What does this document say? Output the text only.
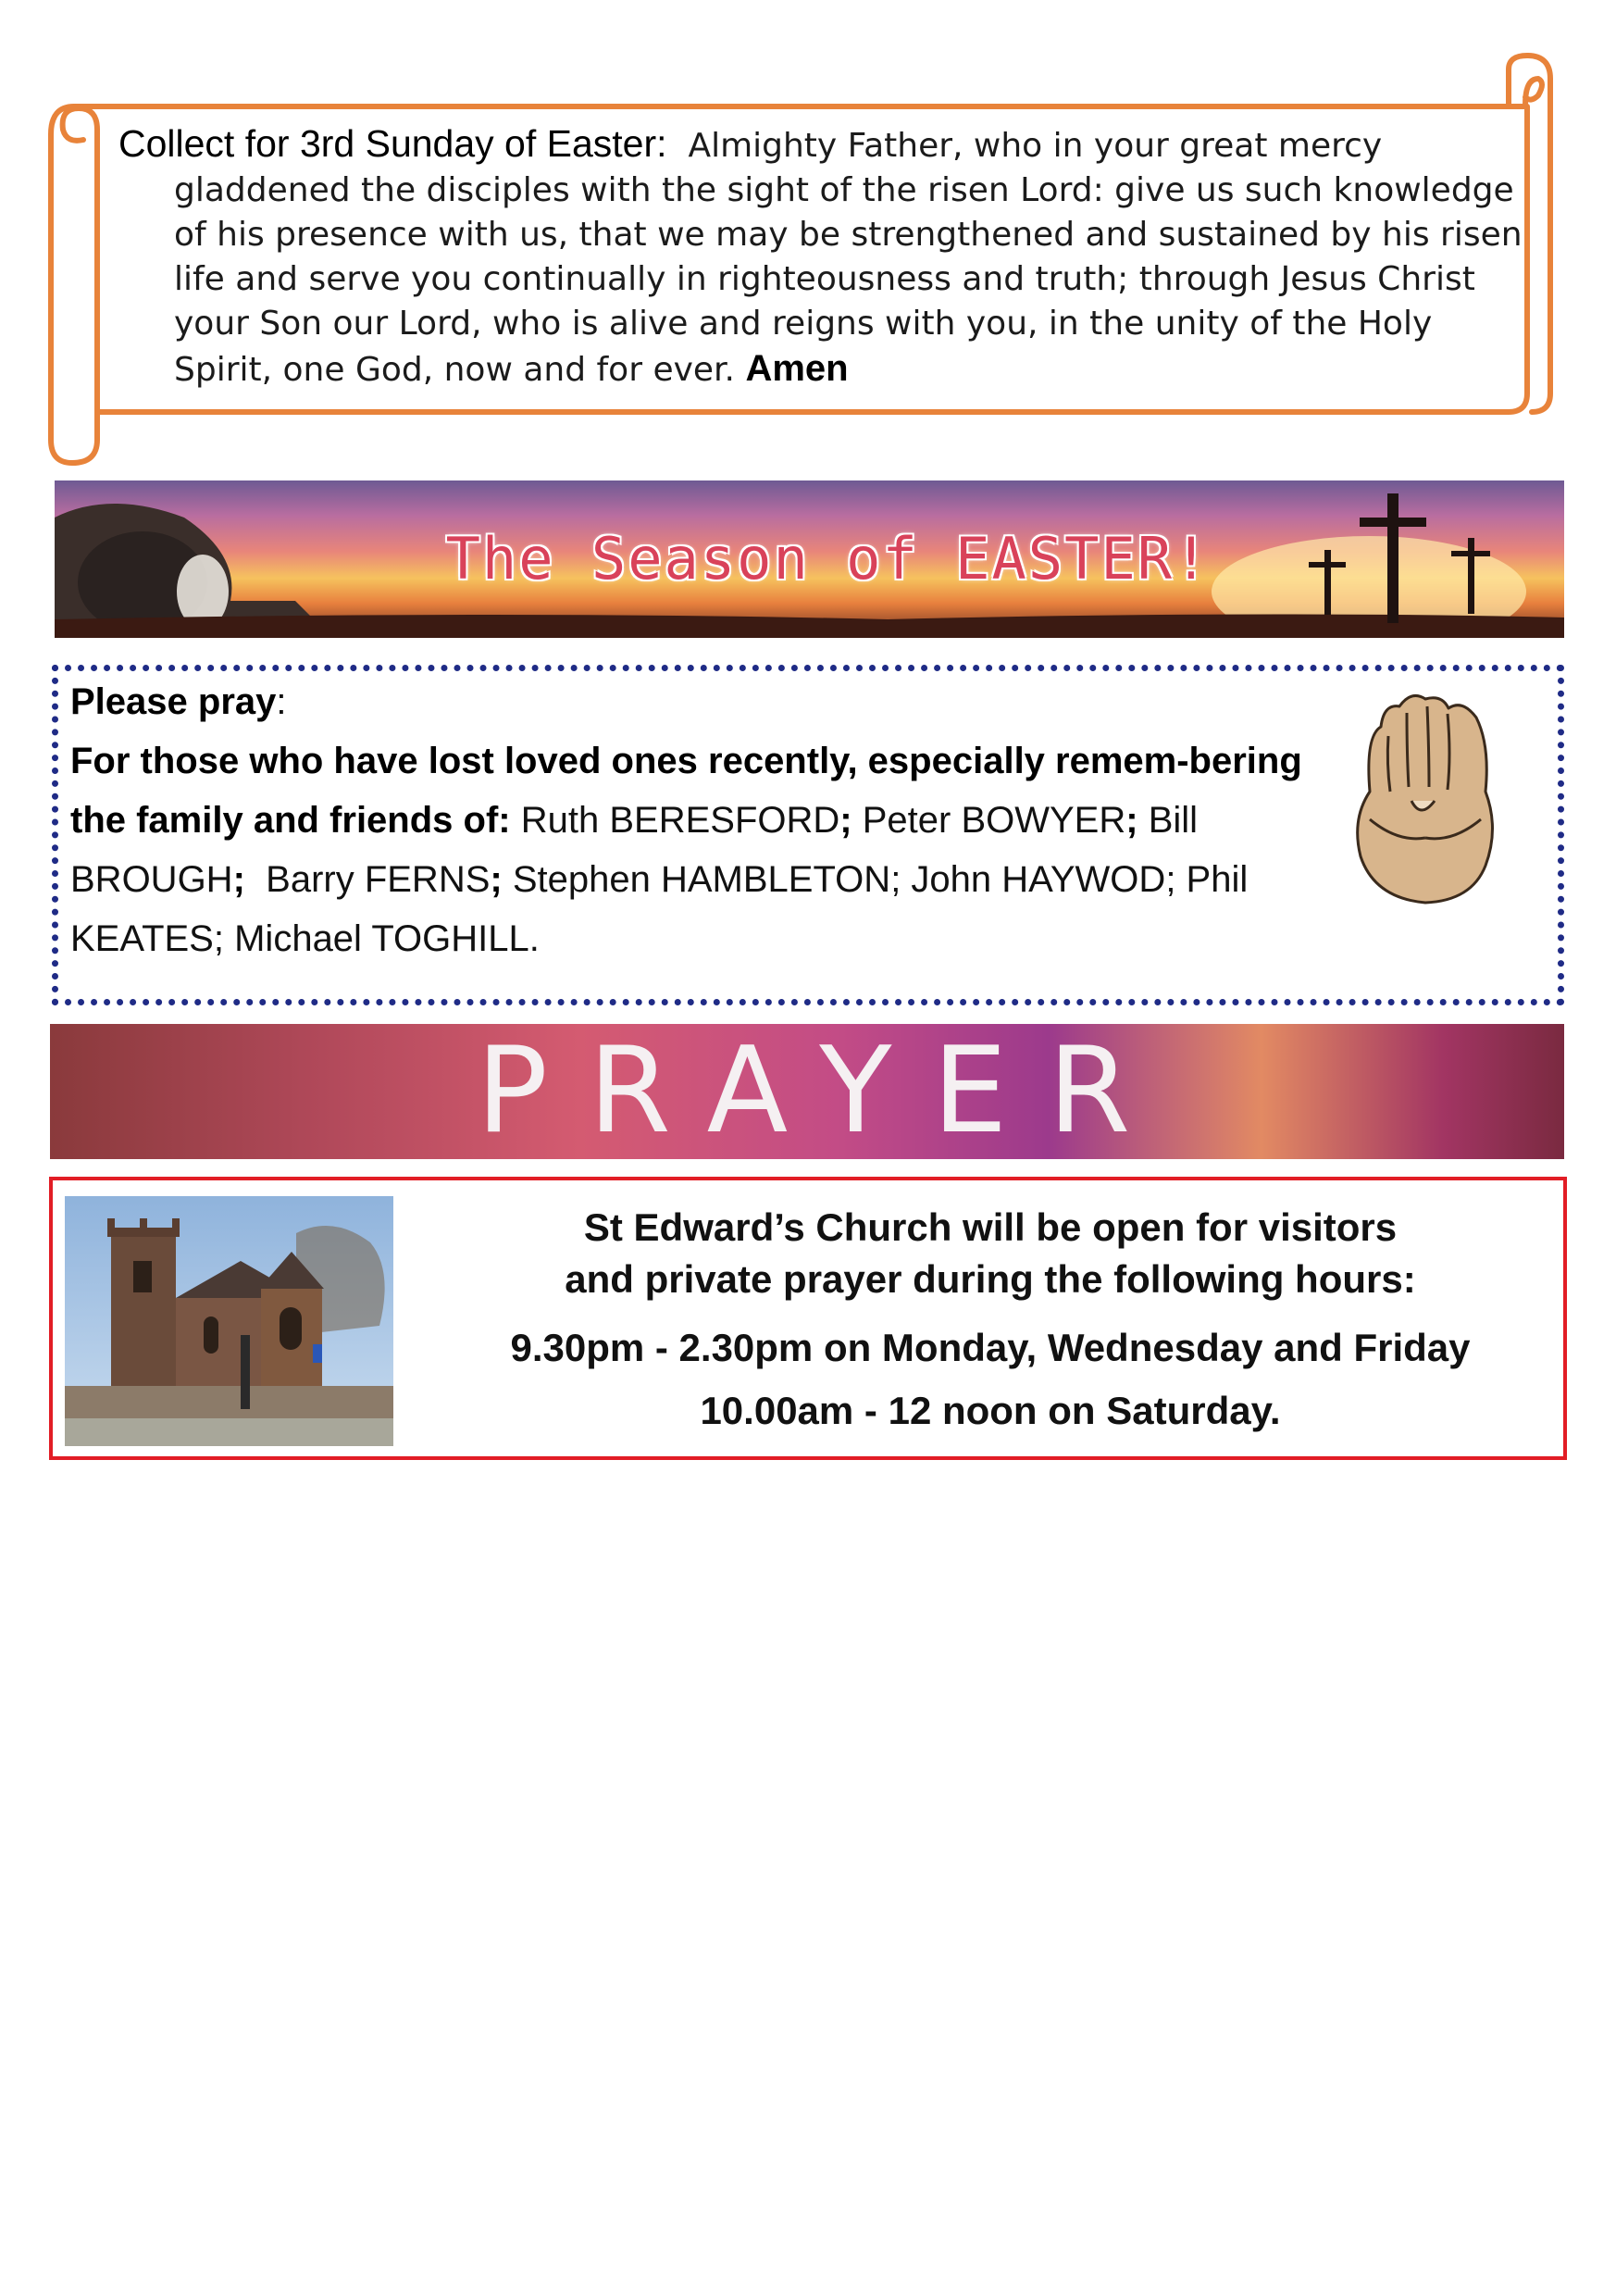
Collect for 3rd Sunday of Easter: Almighty Father, who in your great mercy gladdened the disciples with the sight of the risen Lord: give us such knowledge of his presence with us, that we may be strengthened and sustained by his risen life and serve you continually in righteousness and truth; through Jesus Christ your Son our Lord, who is alive and reigns with you, in the unity of the Holy Spirit, one God, now and for ever. Amen
The Season of EASTER!
Please pray:
For those who have lost loved ones recently, especially remem-bering the family and friends of: Ruth BERESFORD; Peter BOWYER; Bill BROUGH; Barry FERNS; Stephen HAMBLETON; John HAYWOD; Phil KEATES; Michael TOGHILL.
PRAYER
St Edward’s Church will be open for visitors
and private prayer during the following hours:
9.30pm - 2.30pm on Monday, Wednesday and Friday
10.00am - 12 noon on Saturday.
